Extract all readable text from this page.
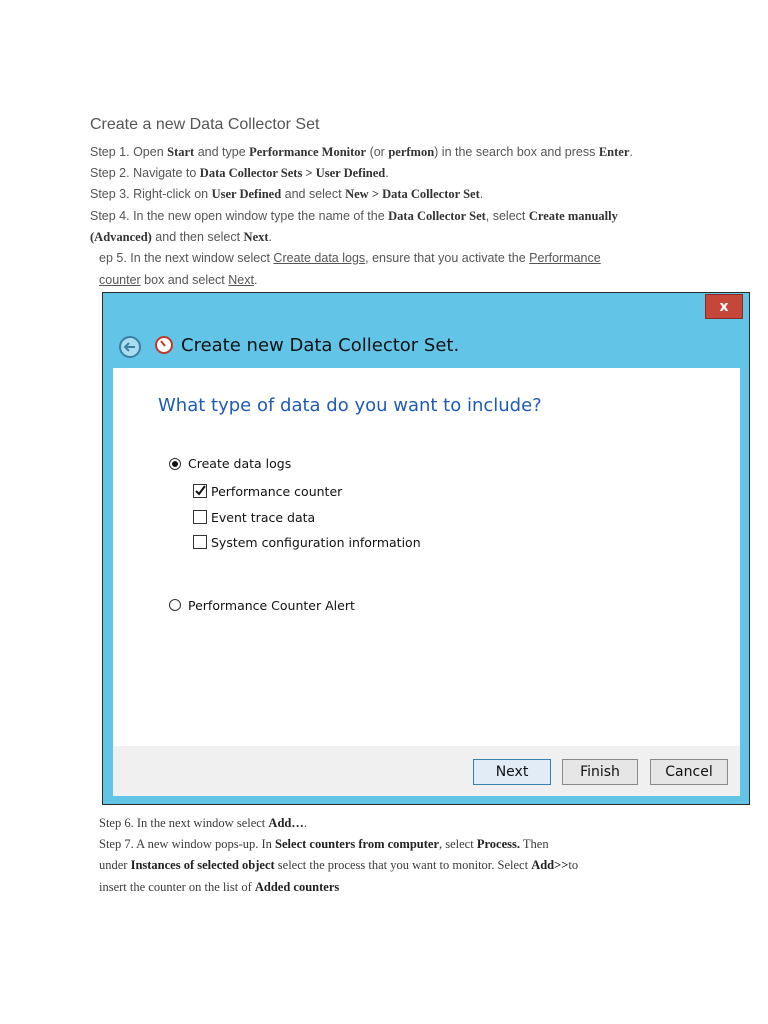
Create a new Data Collector Set
Step 1. Open Start and type Performance Monitor (or perfmon) in the search box and press Enter.
Step 2. Navigate to Data Collector Sets > User Defined.
Step 3. Right-click on User Defined and select New > Data Collector Set.
Step 4. In the new open window type the name of the Data Collector Set, select Create manually
(Advanced) and then select Next.
ep 5. In the next window select Create data logs, ensure that you activate the Performance
counter box and select Next.
x
Create new Data Collector Set.
What type of data do you want to include?
Create data logs
Performance counter
Event trace data
System configuration information
Performance Counter Alert
Next	Finish	Cancel
Step 6. In the next window select Add….
Step 7. A new window pops-up. In Select counters from computer, select Process. Then
under Instances of selected object select the process that you want to monitor. Select Add>>to
insert the counter on the list of Added counters
